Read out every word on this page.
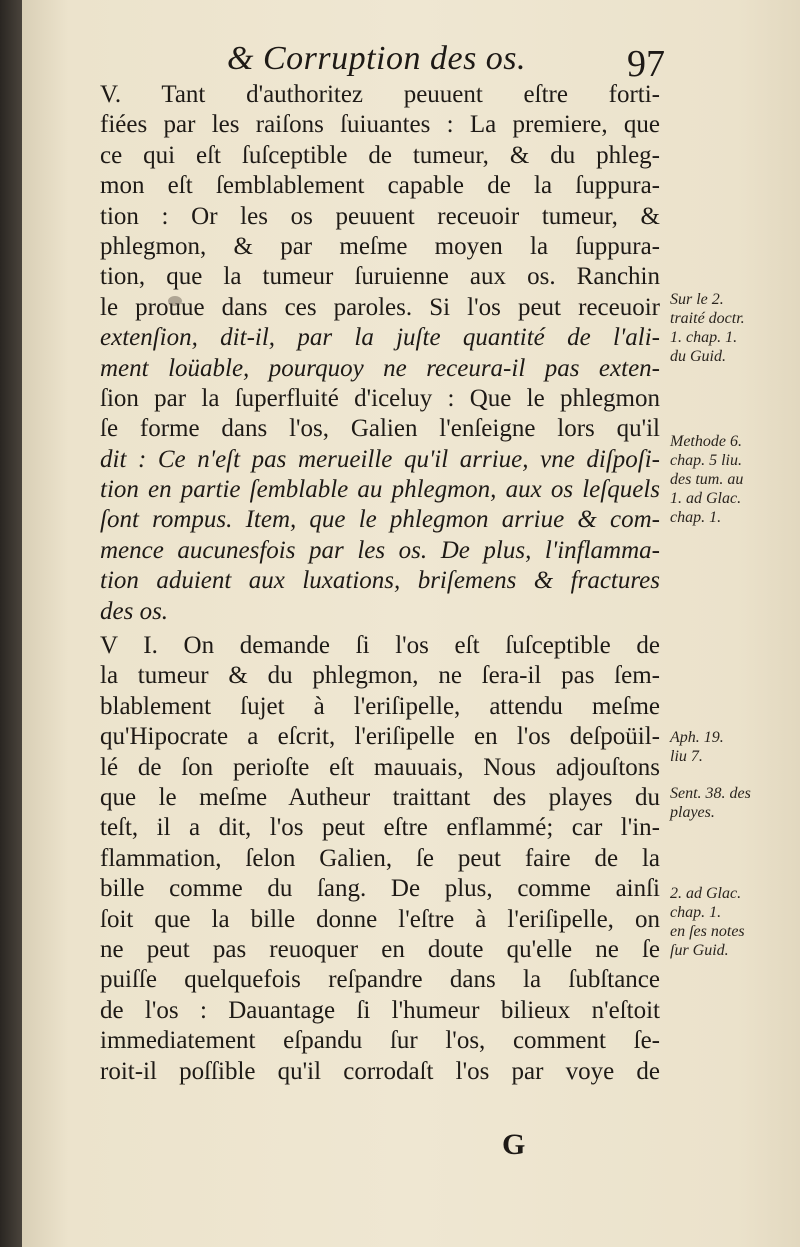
& Corruption des os.	97
V. Tant d'authoritez peuuent eſtre forti-
fiées par les raiſons ſuiuantes : La premiere, que
ce qui eſt ſuſceptible de tumeur, & du phleg-
mon eſt ſemblablement capable de la ſuppura-
tion : Or les os peuuent receuoir tumeur, &
phlegmon, & par meſme moyen la ſuppura-
tion, que la tumeur ſuruienne aux os. Ranchin
le prouue dans ces paroles. Si l'os peut receuoir
extenſion, dit-il, par la juſte quantité de l'ali-
ment loüable, pourquoy ne receura-il pas exten-
ſion par la ſuperfluité d'iceluy : Que le phlegmon
ſe forme dans l'os, Galien l'enſeigne lors qu'il
dit : Ce n'eſt pas merueille qu'il arriue, vne diſpoſi-
tion en partie ſemblable au phlegmon, aux os leſquels
ſont rompus. Item, que le phlegmon arriue & com-
mence aucunesfois par les os. De plus, l'inflamma-
tion aduient aux luxations, briſemens & fractures
des os.
V I. On demande ſi l'os eſt ſuſceptible de
la tumeur & du phlegmon, ne ſera-il pas ſem-
blablement ſujet à l'eriſipelle, attendu meſme
qu'Hipocrate a eſcrit, l'eriſipelle en l'os deſpoüil-
lé de ſon perioſte eſt mauuais, Nous adjouſtons
que le meſme Autheur traittant des playes du
teſt, il a dit, l'os peut eſtre enflammé; car l'in-
flammation, ſelon Galien, ſe peut faire de la
bille comme du ſang. De plus, comme ainſi
ſoit que la bille donne l'eſtre à l'eriſipelle, on
ne peut pas reuoquer en doute qu'elle ne ſe
puiſſe quelquefois reſpandre dans la ſubſtance
de l'os : Dauantage ſi l'humeur bilieux n'eſtoit
immediatement eſpandu ſur l'os, comment ſe-
roit-il poſſible qu'il corrodaſt l'os par voye de
Sur le 2.
traité doctr.
1. chap. 1.
du Guid.
Methode 6.
chap. 5 liu.
des tum. au
1. ad Glac.
chap. 1.
Aph. 19.
liu 7.
Sent. 38. des
playes.
2. ad Glac.
chap. 1.
en ſes notes
ſur Guid.
G
